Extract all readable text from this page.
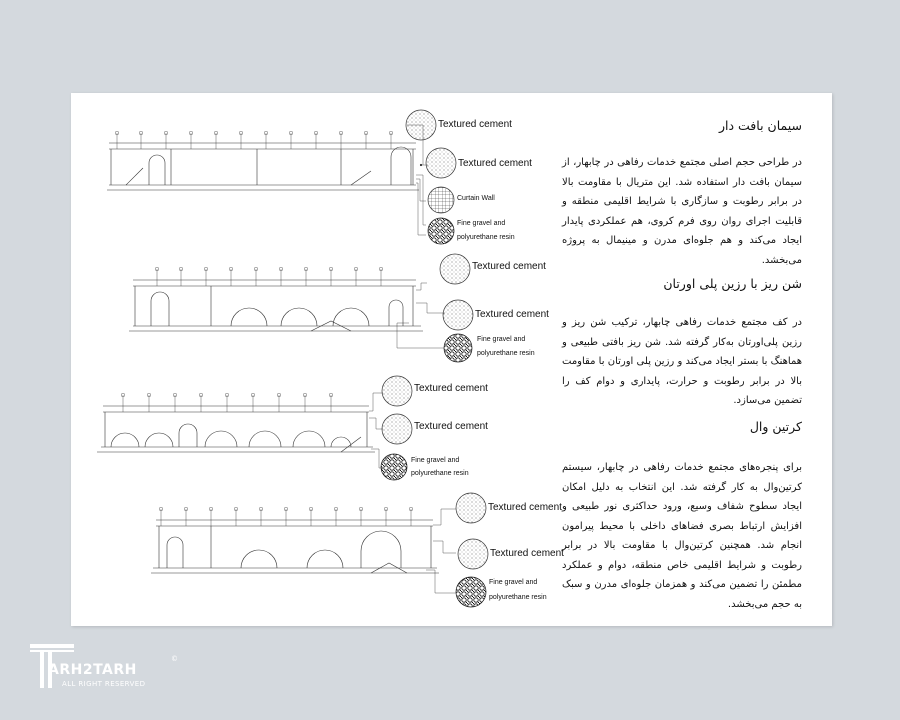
Textured cement
Textured cement
Curtain Wall
Fine gravel and
polyurethane resin
Textured cement
Textured cement
Fine gravel and
polyurethane resin
Textured cement
Textured cement
Fine gravel and
polyurethane resin
Textured cement
Textured cement
Fine gravel and
polyurethane resin
سیمان بافت دار
در طراحی حجم اصلی مجتمع خدمات رفاهی در چابهار، از سیمان بافت دار استفاده شد. این متریال با مقاومت بالا در برابر رطوبت و سازگاری با شرایط اقلیمی منطقه و قابلیت اجرای روان روی فرم کروی، هم عملکردی پایدار ایجاد می‌کند و هم جلوه‌ای مدرن و مینیمال به پروژه می‌بخشد.
شن ریز با رزین پلی اورتان
در کف مجتمع خدمات رفاهی چابهار، ترکیب شن ریز و رزین پلی‌اورتان به‌کار گرفته شد. شن ریز بافتی طبیعی و هماهنگ با بستر ایجاد می‌کند و رزین پلی اورتان با مقاومت بالا در برابر رطوبت و حرارت، پایداری و دوام کف را تضمین می‌سازد.
کرتین وال
برای پنجره‌های مجتمع خدمات رفاهی در چابهار، سیستم کرتین‌وال به کار گرفته شد. این انتخاب به دلیل امکان ایجاد سطوح شفاف وسیع، ورود حداکثری نور طبیعی و افزایش ارتباط بصری فضاهای داخلی با محیط پیرامون انجام شد. همچنین کرتین‌وال با مقاومت بالا در برابر رطوبت و شرایط اقلیمی خاص منطقه، دوام و عملکرد مطمئن را تضمین می‌کند و همزمان جلوه‌ای مدرن و سبک به حجم می‌بخشد.
ARH2TARH
ALL RIGHT RESERVED
©
